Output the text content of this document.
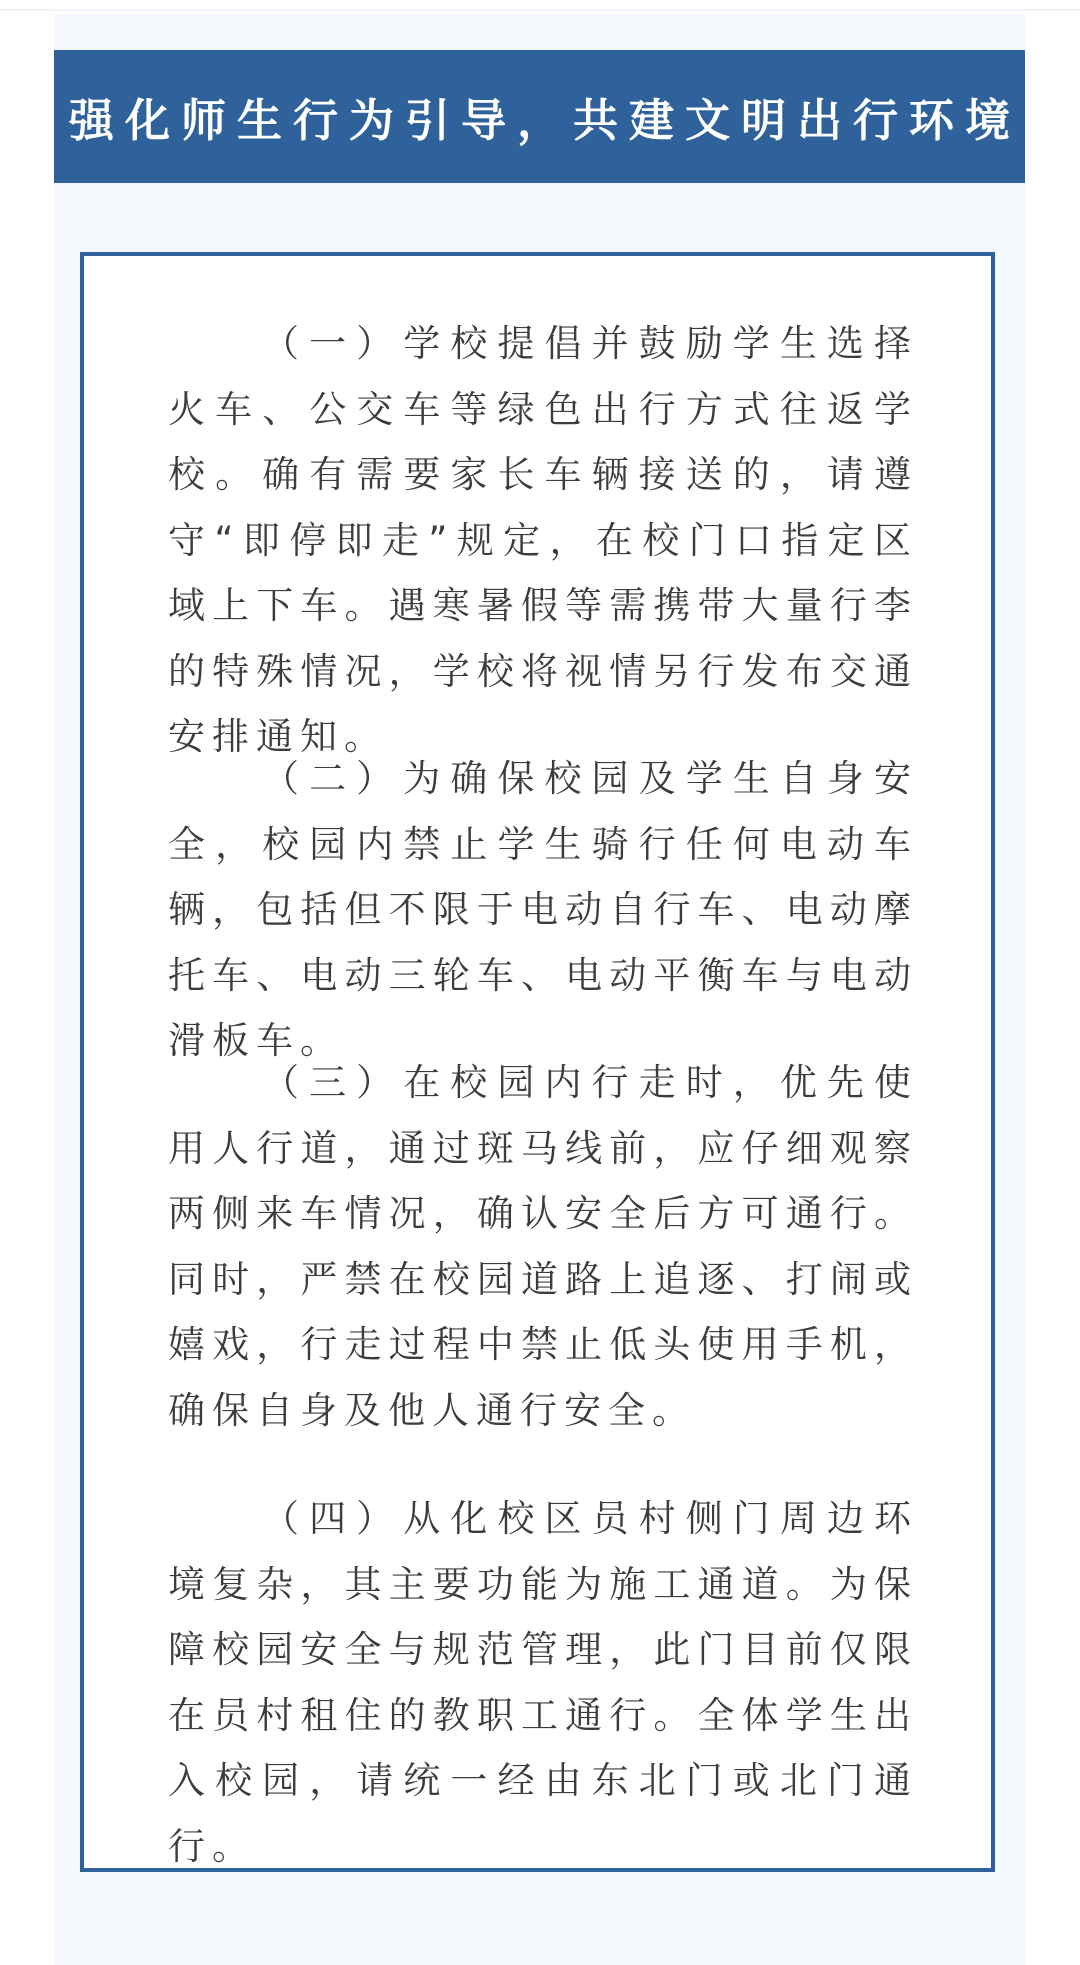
强化师生行为引导，共建文明出行环境

（一）学校提倡并鼓励学生选择火车、公交车等绿色出行方式往返学校。确有需要家长车辆接送的，请遵守“即停即走”规定，在校门口指定区域上下车。遇寒暑假等需携带大量行李的特殊情况，学校将视情另行发布交通安排通知。

（二）为确保校园及学生自身安全，校园内禁止学生骑行任何电动车辆，包括但不限于电动自行车、电动摩托车、电动三轮车、电动平衡车与电动滑板车。

（三）在校园内行走时，优先使用人行道，通过斑马线前，应仔细观察两侧来车情况，确认安全后方可通行。同时，严禁在校园道路上追逐、打闹或嬉戏，行走过程中禁止低头使用手机，确保自身及他人通行安全。

（四）从化校区员村侧门周边环境复杂，其主要功能为施工通道。为保障校园安全与规范管理，此门目前仅限在员村租住的教职工通行。全体学生出入校园，请统一经由东北门或北门通行。
